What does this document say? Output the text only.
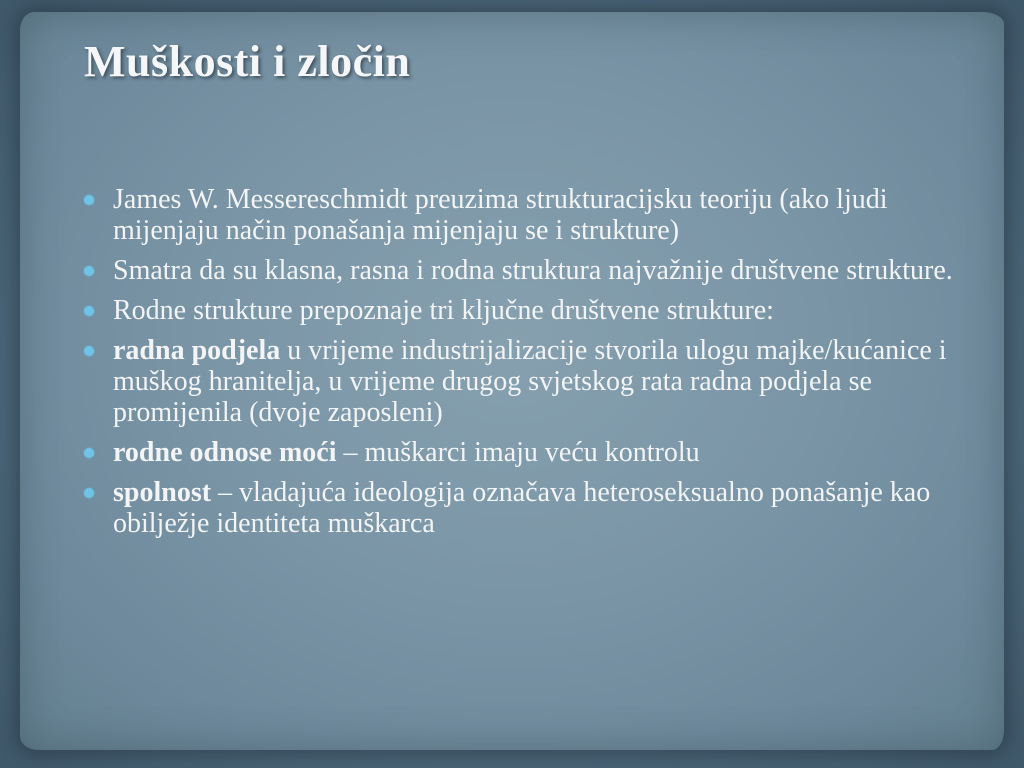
Muškosti i zločin
James W. Messereschmidt preuzima strukturacijsku teoriju (ako ljudi mijenjaju način ponašanja mijenjaju se i strukture)
Smatra da su klasna, rasna i rodna struktura najvažnije društvene strukture.
Rodne strukture prepoznaje tri ključne društvene strukture:
radna podjela u vrijeme industrijalizacije stvorila ulogu majke/kućanice i muškog hranitelja, u vrijeme drugog svjetskog rata radna podjela se promijenila (dvoje zaposleni)
rodne odnose moći – muškarci imaju veću kontrolu
spolnost – vladajuća ideologija označava heteroseksualno ponašanje kao obilježje identiteta muškarca
